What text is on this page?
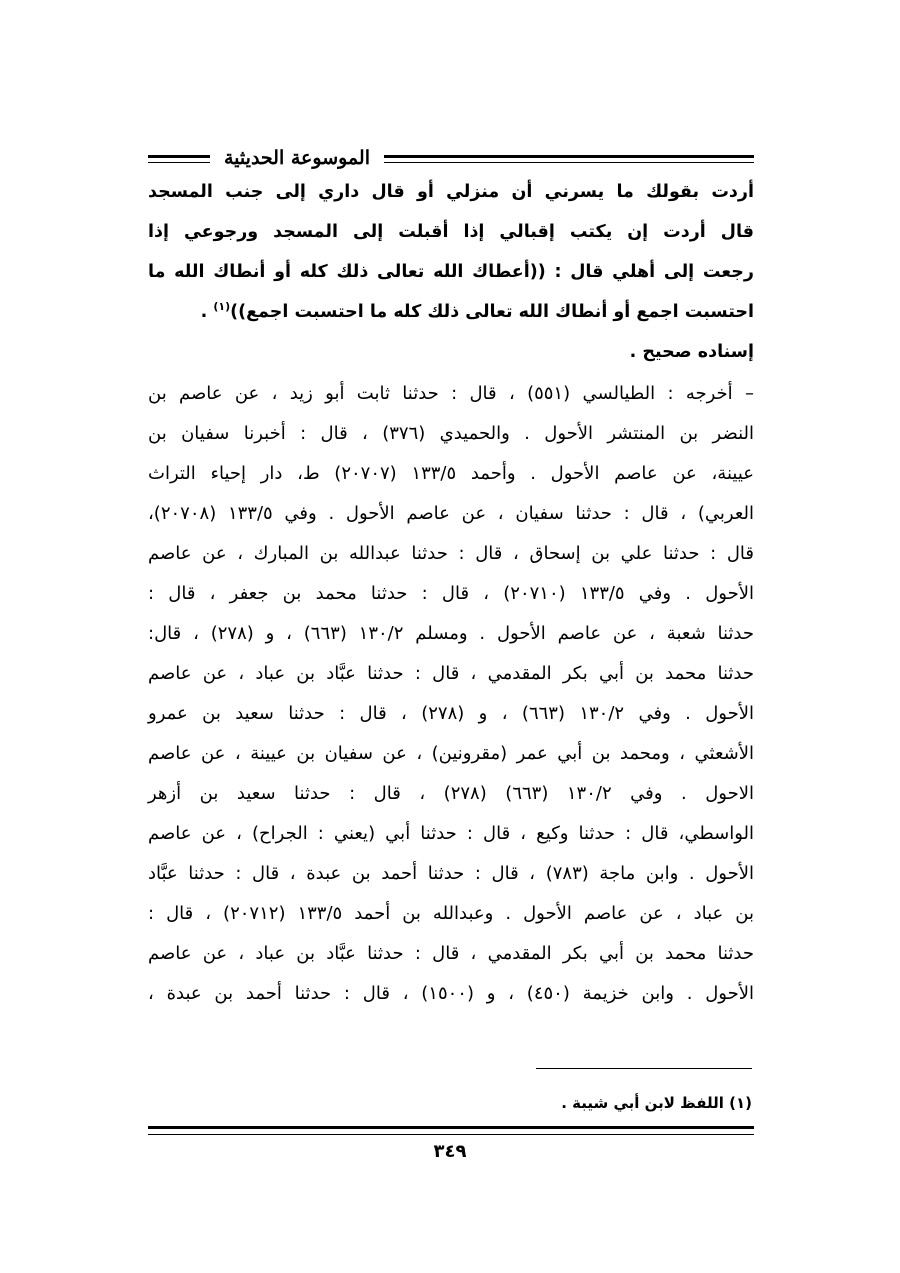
الموسوعة الحديثية
أردت بقولك ما يسرني أن منزلي أو قال داري إلى جنب المسجد
قال أردت إن يكتب إقبالي إذا أقبلت إلى المسجد ورجوعي إذا
رجعت إلى أهلي قال : ((أعطاك الله تعالى ذلك كله أو أنطاك الله ما
احتسبت اجمع أو أنطاك الله تعالى ذلك كله ما احتسبت اجمع))$^{(١)}$ .
إسناده صحيح .
– أخرجه : الطيالسي (٥٥١) ، قال : حدثنا ثابت أبو زيد ، عن عاصم بن
النضر بن المنتشر الأحول . والحميدي (٣٧٦) ، قال : أخبرنا سفيان بن
عيينة، عن عاصم الأحول . وأحمد ١٣٣/٥ (٢٠٧٠٧) ط، دار إحياء التراث
العربي) ، قال : حدثنا سفيان ، عن عاصم الأحول . وفي ١٣٣/٥ (٢٠٧٠٨)،
قال : حدثنا علي بن إسحاق ، قال : حدثنا عبدالله بن المبارك ، عن عاصم
الأحول . وفي ١٣٣/٥ (٢٠٧١٠) ، قال : حدثنا محمد بن جعفر ، قال :
حدثنا شعبة ، عن عاصم الأحول . ومسلم ١٣٠/٢ (٦٦٣) ، و (٢٧٨) ، قال:
حدثنا محمد بن أبي بكر المقدمي ، قال : حدثنا عبَّاد بن عباد ، عن عاصم
الأحول . وفي ١٣٠/٢ (٦٦٣) ، و (٢٧٨) ، قال : حدثنا سعيد بن عمرو
الأشعثي ، ومحمد بن أبي عمر (مقرونين) ، عن سفيان بن عيينة ، عن عاصم
الاحول . وفي ١٣٠/٢ (٦٦٣) (٢٧٨) ، قال : حدثنا سعيد بن أزهر
الواسطي، قال : حدثنا وكيع ، قال : حدثنا أبي (يعني : الجراح) ، عن عاصم
الأحول . وابن ماجة (٧٨٣) ، قال : حدثنا أحمد بن عبدة ، قال : حدثنا عبَّاد
بن عباد ، عن عاصم الأحول . وعبدالله بن أحمد ١٣٣/٥ (٢٠٧١٢) ، قال :
حدثنا محمد بن أبي بكر المقدمي ، قال : حدثنا عبَّاد بن عباد ، عن عاصم
الأحول . وابن خزيمة (٤٥٠) ، و (١٥٠٠) ، قال : حدثنا أحمد بن عبدة ،
(١) اللفظ لابن أبي شيبة .
٣٤٩
